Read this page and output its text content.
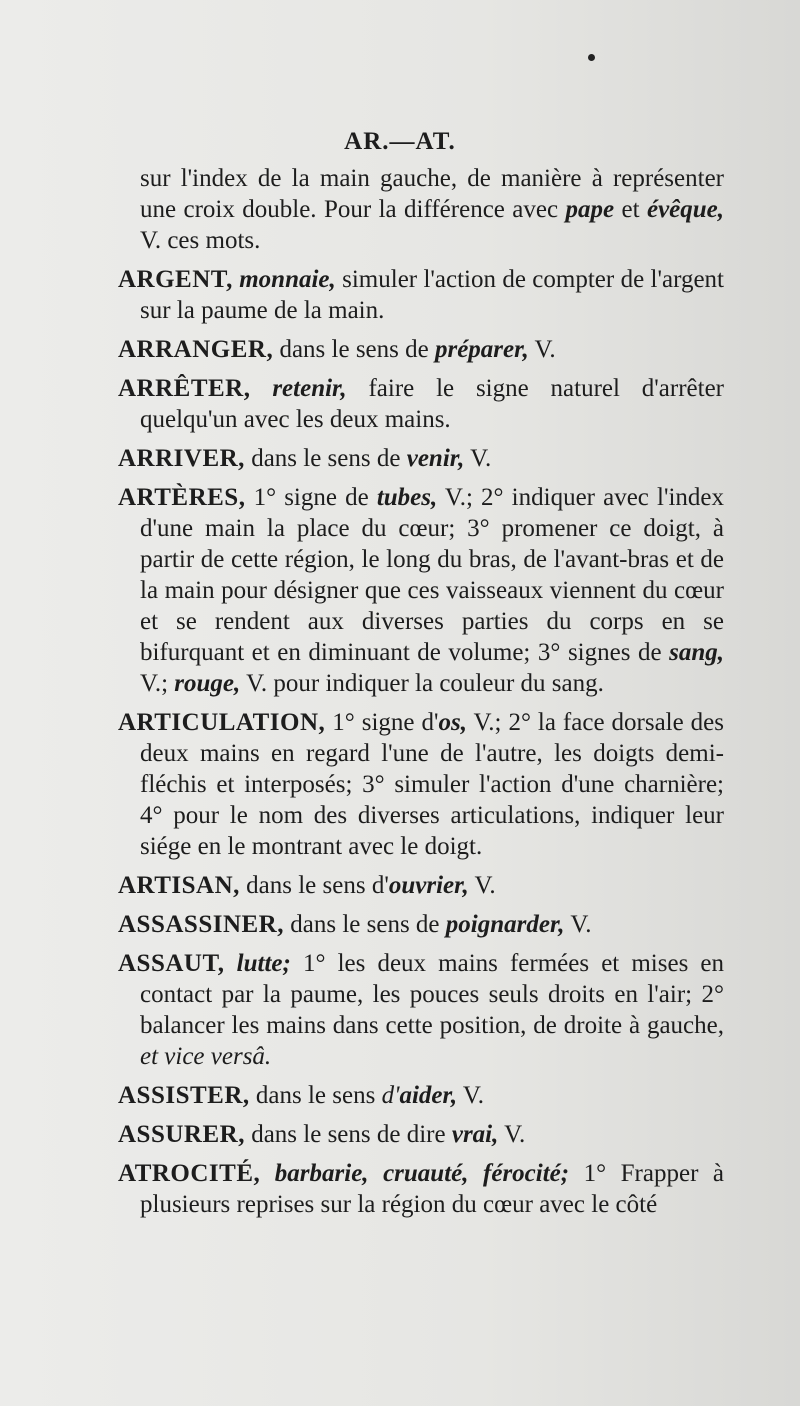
AR.—AT.

sur l'index de la main gauche, de manière à représenter une croix double. Pour la différence avec pape et évêque, V. ces mots.

ARGENT, monnaie, simuler l'action de compter de l'argent sur la paume de la main.

ARRANGER, dans le sens de préparer, V.

ARRÊTER, retenir, faire le signe naturel d'arrêter quelqu'un avec les deux mains.

ARRIVER, dans le sens de venir, V.

ARTÈRES, 1° signe de tubes, V.; 2° indiquer avec l'index d'une main la place du cœur; 3° promener ce doigt, à partir de cette région, le long du bras, de l'avant-bras et de la main pour désigner que ces vaisseaux viennent du cœur et se rendent aux diverses parties du corps en se bifurquant et en diminuant de volume; 3° signes de sang, V.; rouge, V. pour indiquer la couleur du sang.

ARTICULATION, 1° signe d'os, V.; 2° la face dorsale des deux mains en regard l'une de l'autre, les doigts demi-fléchis et interposés; 3° simuler l'action d'une charnière; 4° pour le nom des diverses articulations, indiquer leur siége en le montrant avec le doigt.

ARTISAN, dans le sens d'ouvrier, V.

ASSASSINER, dans le sens de poignarder, V.

ASSAUT, lutte; 1° les deux mains fermées et mises en contact par la paume, les pouces seuls droits en l'air; 2° balancer les mains dans cette position, de droite à gauche, et vice versâ.

ASSISTER, dans le sens d'aider, V.

ASSURER, dans le sens de dire vrai, V.

ATROCITÉ, barbarie, cruauté, férocité; 1° Frapper à plusieurs reprises sur la région du cœur avec le côté
